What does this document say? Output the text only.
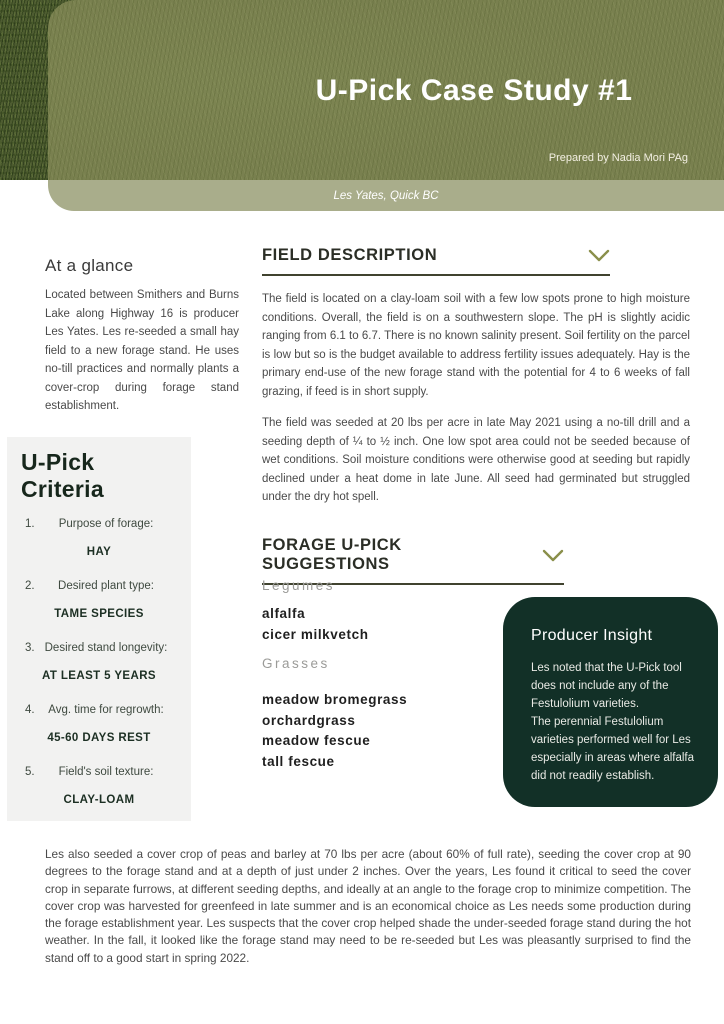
U-Pick Case Study #1
Prepared by Nadia Mori PAg
Les Yates, Quick BC
At a glance
Located between Smithers and Burns Lake along Highway 16 is producer Les Yates. Les re-seeded a small hay field to a new forage stand. He uses no-till practices and normally plants a cover-crop during forage stand establishment.
U-Pick Criteria
1. Purpose of forage:
HAY
2. Desired plant type:
TAME SPECIES
3. Desired stand longevity:
AT LEAST 5 YEARS
4. Avg. time for regrowth:
45-60 DAYS REST
5. Field's soil texture:
CLAY-LOAM
FIELD DESCRIPTION

The field is located on a clay-loam soil with a few low spots prone to high moisture conditions. Overall, the field is on a southwestern slope. The pH is slightly acidic ranging from 6.1 to 6.7. There is no known salinity present. Soil fertility on the parcel is low but so is the budget available to address fertility issues adequately. Hay is the primary end-use of the new forage stand with the potential for 4 to 6 weeks of fall grazing, if feed is in short supply.

The field was seeded at 20 lbs per acre in late May 2021 using a no-till drill and a seeding depth of ¼ to ½ inch. One low spot area could not be seeded because of wet conditions. Soil moisture conditions were otherwise good at seeding but rapidly declined under a heat dome in late June. All seed had germinated but struggled under the dry hot spell.

FORAGE U-PICK SUGGESTIONS
Legumes
alfalfa
cicer milkvetch
Grasses
meadow bromegrass
orchardgrass
meadow fescue
tall fescue
Producer Insight

Les noted that the U-Pick tool does not include any of the Festulolium varieties.

The perennial Festulolium varieties performed well for Les especially in areas where alfalfa did not readily establish.

Les also seeded a cover crop of peas and barley at 70 lbs per acre (about 60% of full rate), seeding the cover crop at 90 degrees to the forage stand and at a depth of just under 2 inches. Over the years, Les found it critical to seed the cover crop in separate furrows, at different seeding depths, and ideally at an angle to the forage crop to minimize competition. The cover crop was harvested for greenfeed in late summer and is an economical choice as Les needs some production during the forage establishment year. Les suspects that the cover crop helped shade the under-seeded forage stand during the hot weather. In the fall, it looked like the forage stand may need to be re-seeded but Les was pleasantly surprised to find the stand off to a good start in spring 2022.
